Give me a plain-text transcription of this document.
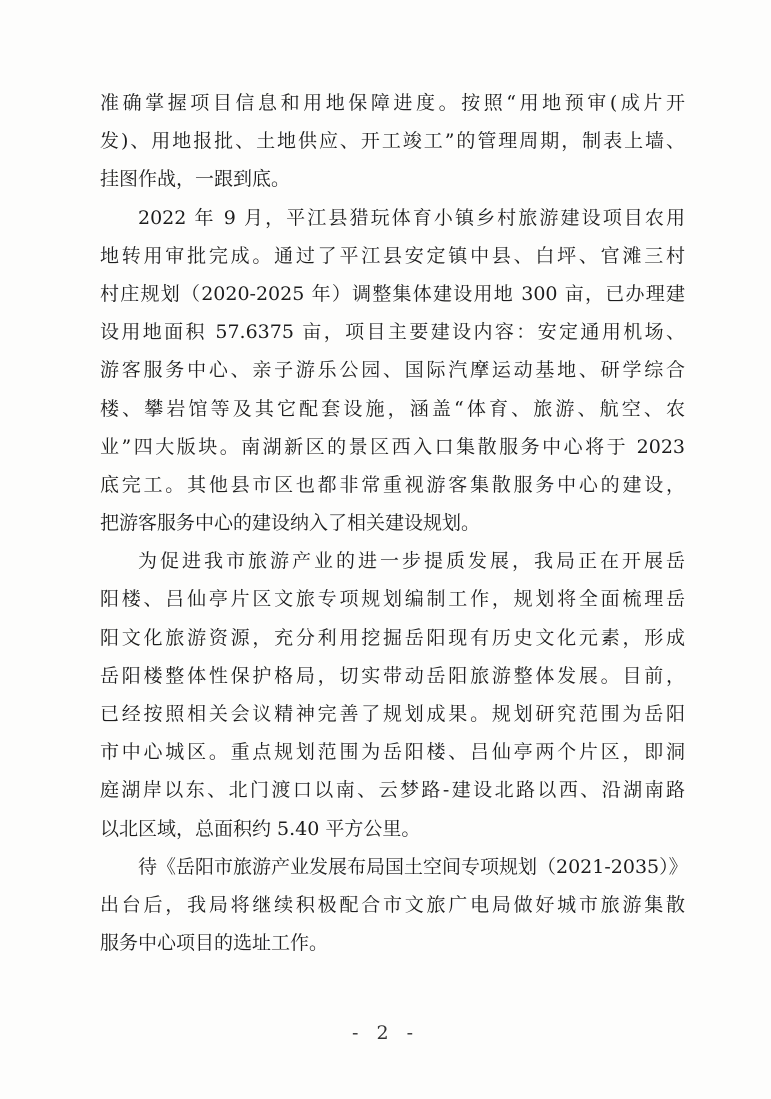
准确掌握项目信息和用地保障进度。按照“用地预审(成片开
发)、用地报批、土地供应、开工竣工”的管理周期，制表上墙、
挂图作战，一跟到底。
2022 年 9 月，平江县猎玩体育小镇乡村旅游建设项目农用
地转用审批完成。通过了平江县安定镇中县、白坪、官滩三村
村庄规划（2020-2025 年）调整集体建设用地 300 亩，已办理建
设用地面积 57.6375 亩，项目主要建设内容：安定通用机场、
游客服务中心、亲子游乐公园、国际汽摩运动基地、研学综合
楼、攀岩馆等及其它配套设施，涵盖“体育、旅游、航空、农
业”四大版块。南湖新区的景区西入口集散服务中心将于 2023
底完工。其他县市区也都非常重视游客集散服务中心的建设，
把游客服务中心的建设纳入了相关建设规划。
为促进我市旅游产业的进一步提质发展，我局正在开展岳
阳楼、吕仙亭片区文旅专项规划编制工作，规划将全面梳理岳
阳文化旅游资源，充分利用挖掘岳阳现有历史文化元素，形成
岳阳楼整体性保护格局，切实带动岳阳旅游整体发展。目前，
已经按照相关会议精神完善了规划成果。规划研究范围为岳阳
市中心城区。重点规划范围为岳阳楼、吕仙亭两个片区，即洞
庭湖岸以东、北门渡口以南、云梦路-建设北路以西、沿湖南路
以北区域，总面积约 5.40 平方公里。
待《岳阳市旅游产业发展布局国土空间专项规划（2021-2035）》
出台后，我局将继续积极配合市文旅广电局做好城市旅游集散
服务中心项目的选址工作。
- 2 -
